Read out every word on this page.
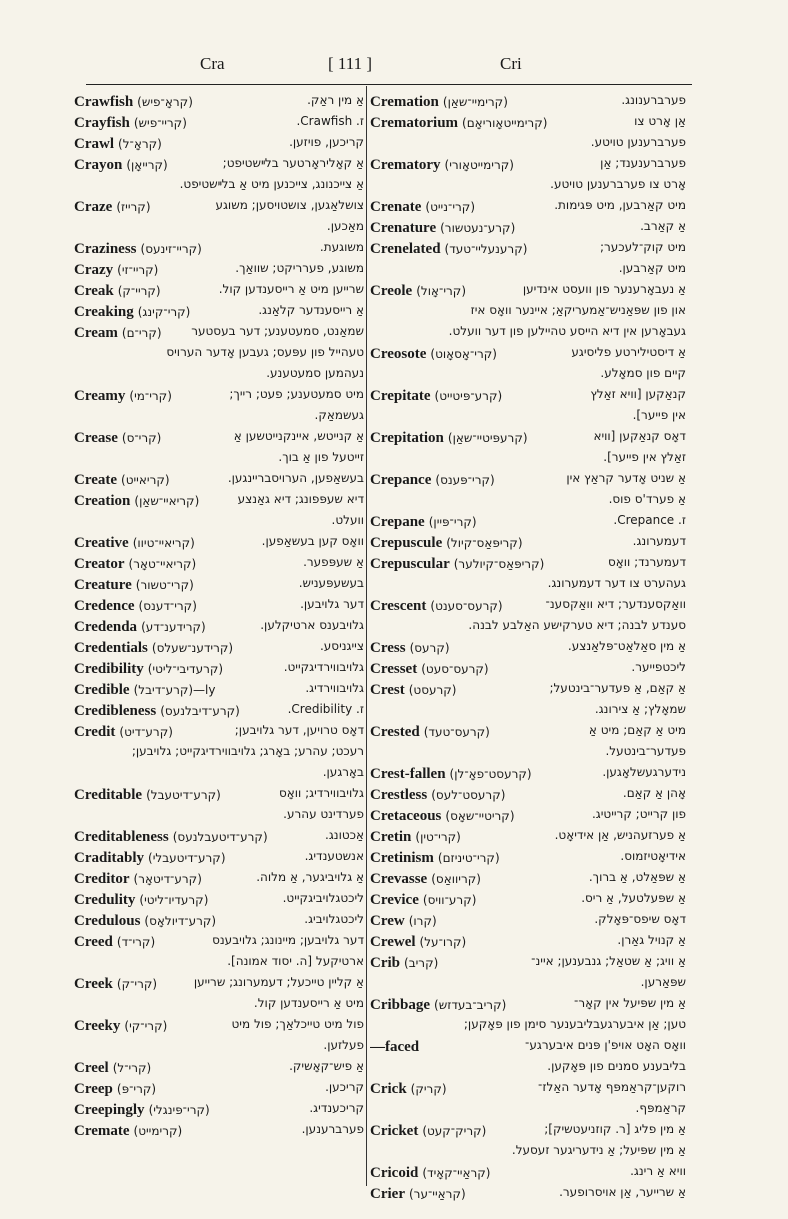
Cra	[ 111 ]	Cri
Crawfish (קראָ־פיש)	אַ מין ראַק.
Crayfish (קריי־פיש)	ז. Crawfish.
Crawl (קראָ־ל)	קריכען, פויזען.
Crayon (קרייאָן)	אַ קאָליראָרטער בלײשטיפט;
אַ צייכנונג, צייכנען מיט אַ בלײשטיפט.
Craze (קרייז)	צושלאַגען, צושטויסען; משוגע
מאַכען.
Craziness (קריי־זינעס)	משוגעת.
Crazy (קריי־זי)	משוגע, פערריקט; שוואַך.
Creak (קריי־ק)	שרייען מיט אַ רייסענדען קול.
Creaking (קרי־קינג)	אַ רייסענדער קלאַנג.
Cream (קרי־ם) שמאַנט, סמעטענע; דער בעסטער
טעהייל פון עפּעס; געבען אָדער הערויס
נעהמען סמעטענע.
Creamy (קרי־מי)	מיט סמעטענע; פעט; רייך;
געשמאַק.
Crease (קרי־ס)	אַ קנייטש, איינקנייטשען אַ
זייטעל פון אַ בוך.
Create (קריאייט)	בעשאַפען, הערויסבריינגען.
Creation (קריאיי־שאַן)	דיא שעפּפונג; דיא גאַנצע
וועלט.
Creative (קריאיי־טיוו)	וואָס קען בעשאַפען.
Creator (קריאיי־טאָר)	אַ שעפּפער.
Creature (קרי־טשור)	בעשעפּעניש.
Credence (קרי־דענס)	דער גלויבען.
Credenda (קרידענ־דע)	גלויבענס ארטיקלען.
Credentials (קרידענ־שעלס)	צייגניסע.
Credibility (קרעדיבי־ליטי)	גלויבווירדיגקייט.
Credible (קרע־דיבל)—ly	גלויבווירדיג.
Credibleness (קרע־דיבלנעס)	ז. Credibility.
Credit (קרע־דיט)	דאָס טרויען, דער גלויבען;
רעכט; עהרע; באָרג; גלויבווירדיגקייט; גלויבען;
באָרגען.
Creditable (קרע־דיטעבל)	גלויבווירדיג; וואָס
פערדינט עהרע.
Creditableness (קרע־דיטעבלנעס)	אַכטונג.
Craditably (קרע־דיטעבלי)	אנשטענדיג.
Creditor (קרע־דיטאָר)	אַ גלויביגער, אַ מלוה.
Credulity (קרעדיו־ליטי)	ליכטגלויביגקייט.
Credulous (קרע־דיולאָס)	ליכטגלויביג.
Creed (קרי־ד)	דער גלויבען; מיינונג; גלויבענס
ארטיקעל [ה. יסוד אמונה].
Creek (קרי־ק)	אַ קליין טייכעל; דעמערונג; שרייען
מיט אַ רייסענדען קול.
Creeky (קרי־קי)	פול מיט טייכלאַך; פול מיט
פעלזען.
Creel (קרי־ל)	אַ פיש־קאָשיק.
Creep (קרי־פּ)	קריכען.
Creepingly (קרי־פּינגלי)	קריכענדיג.
Cremate (קרימייט)	פערברענען.
Cremation (קרימיי־שאַן)	פערברענונג.
Crematorium (קרימייטאָוריאָם)	אַן אָרט צו
פערברענען טויטע.
Crematory (קרימייטאָורי)	פערברענענד; אַן
אָרט צו פערברענען טויטע.
Crenate (קרי־נייט)	מיט קאַרבען, מיט פּגימות.
Crenature (קרע־נעטשור)	אַ קאַרב.
Crenelated (קרענעליי־טעד)	מיט קוק־לעכער;
מיט קאַרבען.
Creole (קרי־אָול)	אַ נעבאָרענער פון וועסט אינדיען
און פון שפּאַניש־אַמעריקאַ; איינער וואָס איז
געבאָרען אין דיא הייסע טהיילען פון דער וועלט.
Creosote (קרי־אָסאָוט)	אַ דיסטילירטע פליסיגע
קיים פון סמאָלע.
Crepitate (קרע־פּיטייט)	קנאַקען [וויא זאַלץ
אין פייער].
Crepitation (קרעפּיטיי־שאַן)	דאָס קנאַקען [וויא
זאַלץ אין פייער].
Crepance (קרי־פּענס)	אַ שניט אָדער קראַץ אין
אַ פערד'ס פוס.
Crepane (קרי־פּיין)	ז. Crepance.
Crepuscule (קריפּאַס־קיול)	דעמערונג.
Crepuscular (קריפּאַס־קיולער)	דעמערנד; וואָס
געהערט צו דער דעמערונג.
Crescent (קרעס־סענט)	וואַקסענדער; דיא וואַקסענ־
סענדע לבנה; דיא טערקישע האַלבע לבנה.
Cress (קרעס)	אַ מין סאַלאַט־פּלאַנצע.
Cresset (קרעס־סעט)	ליכטפייער.
Crest (קרעסט)	אַ קאַם, אַ פעדער־בינטעל;
שמאָלץ; אַ צירונג.
Crested (קרעס־טעד)	מיט אַ קאַם; מיט אַ
פעדער־בינטעל.
Crest-fallen (קרעסט־פאָ־לן)	נידערגעשלאָגען.
Crestless (קרעסט־לעס)	אָהן אַ קאַם.
Cretaceous (קריטיי־שאָס)	פון קרייט; קרייטיג.
Cretin (קרי־טין)	אַ פערזעהניש, אַן אידיאָט.
Cretinism (קרי־טיניזם)	אידיאָטיזמוס.
Crevasse (קריוואַס)	אַ שפּאַלט, אַ ברוך.
Crevice (קרע־וויס)	אַ שפּעלטעל, אַ ריס.
Crew (קרו)	דאָס שיפס־פּאָלק.
Crewel (קרו־על)	אַ קנויל גאַרן.
Crib (קריב)	אַ וויג; אַ שטאַל; גנבענען; איינ־
שפּאַרען.
Cribbage (קריב־בעדזש)	אַ מין שפּיעל אין קאָר־
טען; אַן איבערגעבליבענער סימן פון פּאָקען;
—faced	וואָס האָט אויפ'ן פּנים איבערגע־
בליבענע סמנים פון פּאָקען.
Crick (קריק)	רוקען־קראַמפּף אָדער האַלז־
קראַמפּף.
Cricket (קריק־קעט)	אַ מין פליג [ר. קוזניעטשיק];
אַ מין שפּיעל; אַ נידעריגער זעסעל.
Cricoid (קראַיי־קאָיד)	וויא אַ רינג.
Crier (קראַיי־ער)	אַ שרייער, אַן אויסרופער.
